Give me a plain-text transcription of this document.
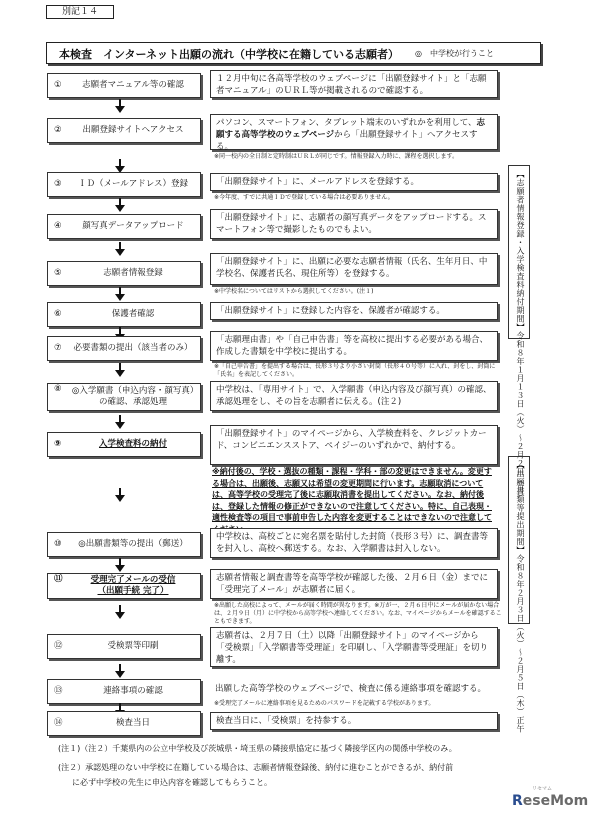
別記１４
本検査　インターネット出願の流れ（中学校に在籍している志願者） ◎　中学校が行うこと
①	志願者マニュアル等の確認
１２月中旬に各高等学校のウェブページに「出願登録サイト」と「志願者マニュアル」のＵＲＬ等が掲載されるので確認する。
②	出願登録サイトへアクセス
パソコン、スマートフォン、タブレット端末のいずれかを利用して、志願する高等学校のウェブページから「出願登録サイト」へアクセスする。
※同一校内の全日制と定時制はＵＲＬが同じです。情報登録入力時に、課程を選択します。
③	ＩＤ（メールアドレス）登録	「出願登録サイト」に、メールアドレスを登録する。
※今年度、すでに共通ＩＤで登録している場合は必要ありません。
④	顔写真データアップロード
「出願登録サイト」に、志願者の顔写真データをアップロードする。スマートフォン等で撮影したものでもよい。
⑤	志願者情報登録
「出願登録サイト」に、出願に必要な志願者情報（氏名、生年月日、中学校名、保護者氏名、現住所等）を登録する。
※中学校名についてはリストから選択してください。(注１)
⑥	保護者確認	「出願登録サイト」に登録した内容を、保護者が確認する。
⑦	必要書類の提出（該当者のみ）
「志願理由書」や「自己申告書」等を高校に提出する必要がある場合、作成した書類を中学校に提出する。
※「自己申告書」を提出する場合は、長形３号より小さい封筒（長形４０号等）に入れ、封をし、封筒に「氏名」を表記してください。
⑧ ◎入学願書（申込内容・顔写真）の確認、承認処理
中学校は、「専用サイト」で、入学願書（申込内容及び顔写真）の確認、承認処理をし、その旨を志願者に伝える。(注２)
⑨	入学検査料の納付
「出願登録サイト」のマイページから、入学検査料を、クレジットカード、コンビニエンスストア、ペイジーのいずれかで、納付する。
※納付後の、学校・選抜の種類・課程・学科・部の変更はできません。変更する場合は、出願後、志願又は希望の変更期間に行います。志願取消については、高等学校の受理完了後に志願取消書を提出してください。なお、納付後は、登録した情報の修正ができないので注意してください。特に、自己表現・適性検査等の項目で事前申告した内容を変更することはできないので注意して
⑩	◎出願書類等の提出（郵送）
中学校は、高校ごとに宛名票を貼付した封筒（長形３号）に、調査書等を封入し、高校へ郵送する。なお、入学願書は封入しない。
⑪	受理完了メールの受信
（出願手続 完了）
志願者情報と調査書等を高等学校が確認した後、２月６日（金）までに「受理完了メール」が志願者に届く。
※出願した高校によって、メールが届く時間が異なります。※万が一、２月６日中にメールが届かない場合は、２月９日（月）に中学校から高等学校へ連絡してください。なお、マイページからメールを確認することもできます。
⑫	受検票等印刷
志願者は、２月７日（土）以降「出願登録サイト」のマイページから「受検票」「入学願書等受理証」を印刷し、「入学願書等受理証」を切り離す。
⑬	連絡事項の確認	出願した高等学校のウェブページで、検査に係る連絡事項を確認する。
※受理完了メールに連絡事項を見るためのパスワードを記載する学校があります。
⑭	検査当日	検査当日に、「受検票」を持参する。
【志願者情報登録・入学検査料納付期間】令和８年１月１３日（火）～２月２日（月）
【出願書類等提出期間】令和８年２月３日（火）～２月５日（木）正午
(注１)（注２）千葉県内の公立中学校及び茨城県・埼玉県の隣接県協定に基づく隣接学区内の関係中学校のみ。
(注２）承認処理のない中学校に在籍している場合は、志願者情報登録後、納付に進むことができるが、納付前
に必ず中学校の先生に申込内容を確認してもらうこと。
ReseMom
リセマム
